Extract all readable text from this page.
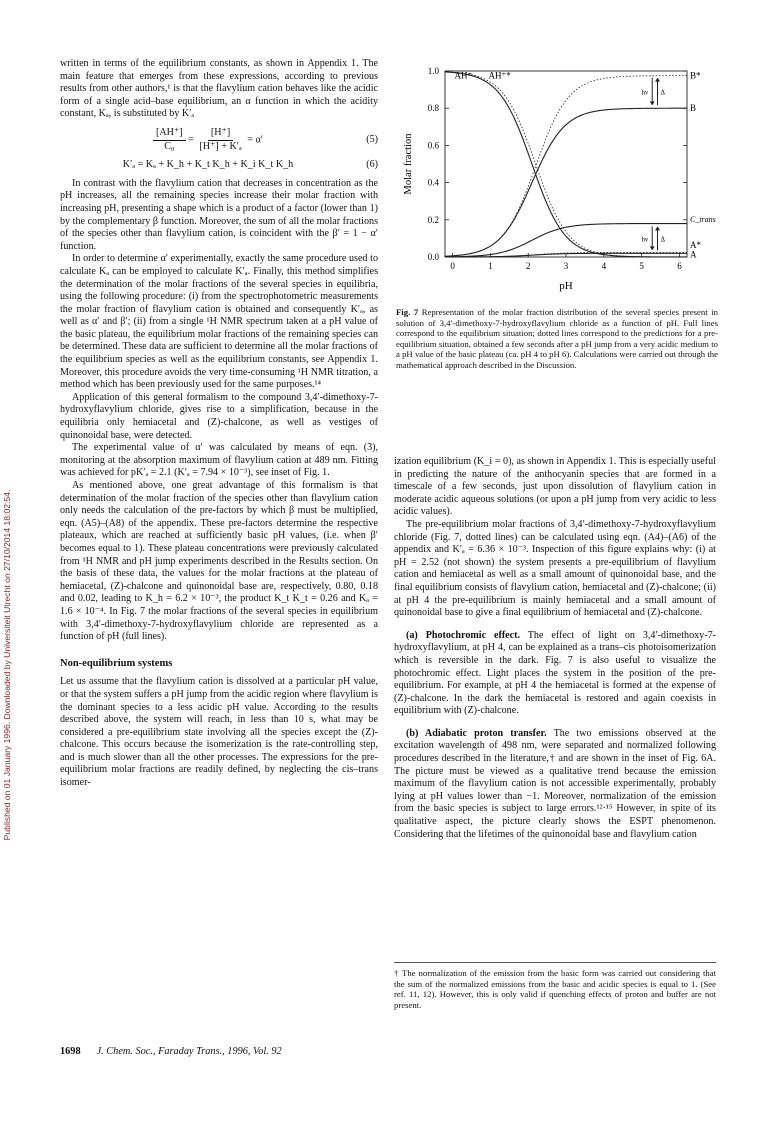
Published on 01 January 1996. Downloaded by Universiteit Utrecht on 27/10/2014 18:02:54.

written in terms of the equilibrium constants, as shown in Appendix 1. The main feature that emerges from these expressions, according to previous results from other authors,¹ is that the flavylium cation behaves like the acidic form of a single acid–base equilibrium, an α function in which the acidity constant, Kₐ, is substituted by K′ₐ

$\frac{[AH^+]}{\text{C₀}} = \frac{[H^+]}{\text{[H⁺] + K′ₐ}} = \alpha'$	(5)
K′ₐ = Kₐ + K_h + K_t K_h + K_i K_t K_h	(6)

In contrast with the flavylium cation that decreases in concentration as the pH increases, all the remaining species increase their molar fraction with increasing pH, presenting a shape which is a product of a factor (lower than 1) by the complementary β function. Moreover, the sum of all the molar fractions of the species other than flavylium cation, is coincident with the β′ = 1 − α′ function.

In order to determine α′ experimentally, exactly the same procedure used to calculate Kₐ can be employed to calculate K′ₐ. Finally, this method simplifies the determination of the molar fractions of the several species in equilibria, using the following procedure: (i) from the spectrophotometric measurements the molar fraction of flavylium cation is obtained and consequently K′ₐ, as well as α′ and β′; (ii) from a single ¹H NMR spectrum taken at a pH value of the basic plateau, the equilibrium molar fractions of the remaining species can be determined. These data are sufficient to determine all the molar fractions of the equilibrium species as well as the equilibrium constants, see Appendix 1. Moreover, this procedure avoids the very time-consuming ¹H NMR titration, a method which has been previously used for the same purposes.¹⁴

Application of this general formalism to the compound 3,4′-dimethoxy-7-hydroxyflavylium chloride, gives rise to a simplification, because in the equilibria only hemiacetal and (Z)-chalcone, as well as vestiges of quinonoidal base, were detected.

The experimental value of α′ was calculated by means of eqn. (3), monitoring at the absorption maximum of flavylium cation at 489 nm. Fitting was achieved for pK′ₐ = 2.1 (K′ₐ = 7.94 × 10⁻³), see inset of Fig. 1.

As mentioned above, one great advantage of this formalism is that determination of the molar fraction of the species other than flavylium cation only needs the calculation of the pre-factors by which β must be multiplied, eqn. (A5)–(A8) of the appendix. These pre-factors determine the respective plateaux, which are reached at sufficiently basic pH values, (i.e. when β′ becomes equal to 1). These plateau concentrations were previously calculated from ¹H NMR and pH jump experiments described in the Results section. On the basis of these data, the values for the molar fractions at the plateau of hemiacetal, (Z)-chalcone and quinonoidal base are, respectively, 0.80, 0.18 and 0.02, leading to K_h = 6.2 × 10⁻³, the product K_t K_t = 0.26 and Kₐ = 1.6 × 10⁻⁴. In Fig. 7 the molar fractions of the several species in equilibrium with 3,4′-dimethoxy-7-hydroxyflavylium chloride are represented as a function of pH (full lines).

Non-equilibrium systems

Let us assume that the flavylium cation is dissolved at a particular pH value, or that the system suffers a pH jump from the acidic region where flavylium is the dominant species to a less acidic pH value. According to the results described above, the system will reach, in less than 10 s, what may be considered a pre-equilibrium state involving all the species except the (Z)-chalcone. This occurs because the isomerization is the rate-controlling step, and is much slower than all the other processes. The expressions for the pre-equilibrium molar fractions are readily defined, by neglecting the cis–trans isomer-

0	1	2	3	4	5	6
0.0
0.2
0.4
0.6
0.8
1.0
pH
Molar fraction
AH⁺ AH⁺*	B*
B
C_trans
A*
A
hν Δ
hν Δ
Fig. 7 Representation of the molar fraction distribution of the several species present in solution of 3,4′-dimethoxy-7-hydroxyflavylium chloride as a function of pH. Full lines correspond to the equilibrium situation; dotted lines correspond to the predictions for a pre-equilibrium situation, obtained a few seconds after a pH jump from a very acidic medium to a pH value of the basic plateau (ca. pH 4 to pH 6). Calculations were carried out through the mathematical approach described in the Discussion.

ization equilibrium (K_i = 0), as shown in Appendix 1. This is especially useful in predicting the nature of the anthocyanin species that are formed in a timescale of a few seconds, just upon dissolution of flavylium cation in moderate acidic aqueous solutions (or upon a pH jump from very acidic to less acidic values).

The pre-equilibrium molar fractions of 3,4′-dimethoxy-7-hydroxyflavylium chloride (Fig. 7, dotted lines) can be calculated using eqn. (A4)–(A6) of the appendix and K′ₐ = 6.36 × 10⁻³. Inspection of this figure explains why: (i) at pH = 2.52 (not shown) the system presents a pre-equilibrium of flavylium cation and hemiacetal as well as a small amount of quinonoidal base, and the final equilibrium consists of flavylium cation, hemiacetal and (Z)-chalcone; (ii) at pH 4 the pre-equilibrium is mainly hemiacetal and a small amount of quinonoidal base to give a final equilibrium of hemiacetal and (Z)-chalcone.

(a) Photochromic effect. The effect of light on 3,4′-dimethoxy-7-hydroxyflavylium, at pH 4, can be explained as a trans–cis photoisomerization which is reversible in the dark. Fig. 7 is also useful to visualize the photochromic effect. Light places the system in the position of the pre-equilibrium. For example, at pH 4 the hemiacetal is formed at the expense of (Z)-chalcone. In the dark the hemiacetal is restored and again coexists in equilibrium with (Z)-chalcone.

(b) Adiabatic proton transfer. The two emissions observed at the excitation wavelength of 498 nm, were separated and normalized following procedures described in the literature,† and are shown in the inset of Fig. 6A. The picture must be viewed as a qualitative trend because the emission maximum of the flavylium cation is not accessible experimentally, probably lying at pH values lower than −1. Moreover, normalization of the emission from the basic species is subject to large errors.¹²·¹⁵ However, in spite of its qualitative aspect, the picture clearly shows the ESPT phenomenon. Considering that the lifetimes of the quinonoidal base and flavylium cation

† The normalization of the emission from the basic form was carried out considering that the sum of the normalized emissions from the basic and acidic species is equal to 1. (See ref. 11, 12). However, this is only valid if quenching effects of proton and buffer are not present.
1698 J. Chem. Soc., Faraday Trans., 1996, Vol. 92
